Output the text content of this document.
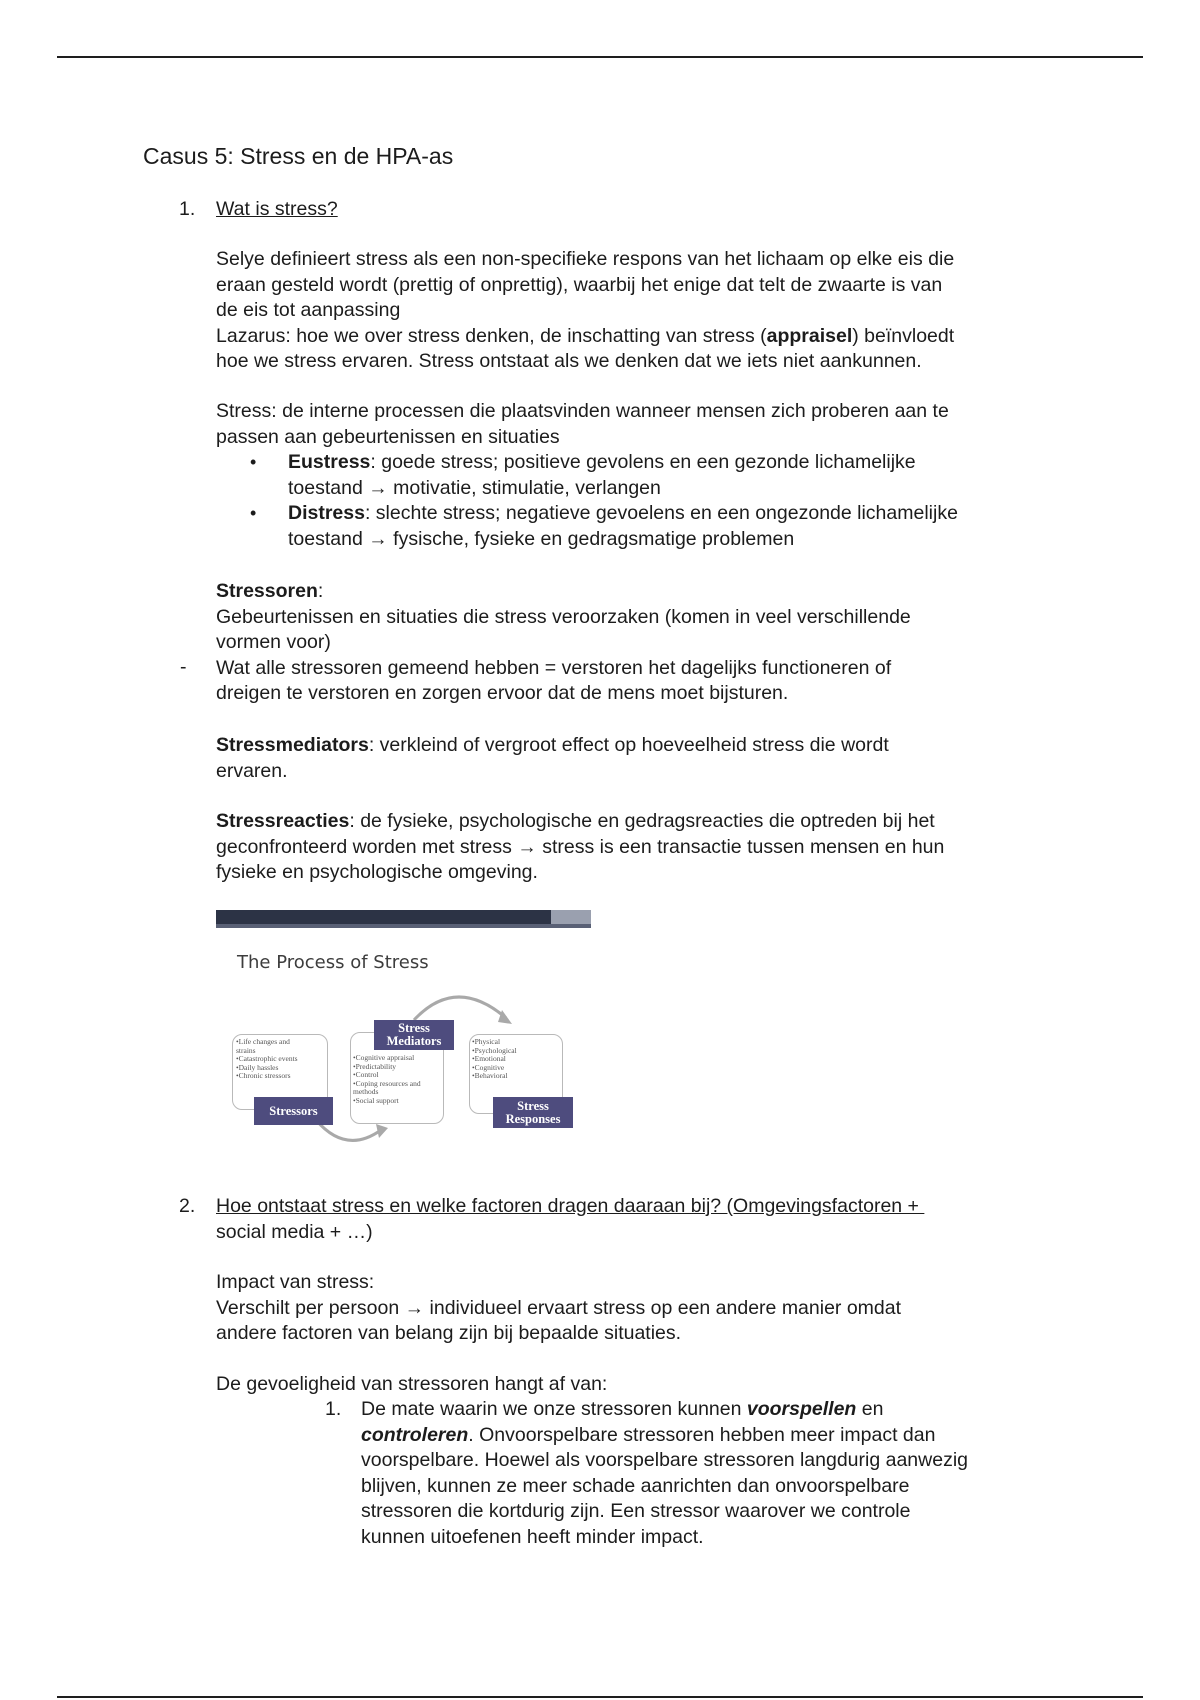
Casus 5: Stress en de HPA-as
1. Wat is stress?
Selye definieert stress als een non-specifieke respons van het lichaam op elke eis die
eraan gesteld wordt (prettig of onprettig), waarbij het enige dat telt de zwaarte is van
de eis tot aanpassing
Lazarus: hoe we over stress denken, de inschatting van stress (appraisel) beïnvloedt
hoe we stress ervaren. Stress ontstaat als we denken dat we iets niet aankunnen.
Stress: de interne processen die plaatsvinden wanneer mensen zich proberen aan te
passen aan gebeurtenissen en situaties
• Eustress: goede stress; positieve gevolens en een gezonde lichamelijke
toestand → motivatie, stimulatie, verlangen
• Distress: slechte stress; negatieve gevoelens en een ongezonde lichamelijke
toestand → fysische, fysieke en gedragsmatige problemen
Stressoren:
Gebeurtenissen en situaties die stress veroorzaken (komen in veel verschillende
vormen voor)
Wat alle stressoren gemeend hebben = verstoren het dagelijks functioneren of
dreigen te verstoren en zorgen ervoor dat de mens moet bijsturen.
-
Stressmediators: verkleind of vergroot effect op hoeveelheid stress die wordt
ervaren.
Stressreacties: de fysieke, psychologische en gedragsreacties die optreden bij het
geconfronteerd worden met stress → stress is een transactie tussen mensen en hun
fysieke en psychologische omgeving.
The Process of Stress
•Life changes and
strains
•Catastrophic events
•Daily hassles
•Chronic stressors
Stressors
•Cognitive appraisal
•Predictability
•Control
•Coping resources and
methods
•Social support
Stress
Mediators	•Physical
•Psychological
•Emotional
•Cognitive
•Behavioral
Stress
Responses
2. Hoe ontstaat stress en welke factoren dragen daaraan bij? (Omgevingsfactoren +
social media + …)
Impact van stress:
Verschilt per persoon → individueel ervaart stress op een andere manier omdat
andere factoren van belang zijn bij bepaalde situaties.
De gevoeligheid van stressoren hangt af van:
1. De mate waarin we onze stressoren kunnen voorspellen en
controleren. Onvoorspelbare stressoren hebben meer impact dan
voorspelbare. Hoewel als voorspelbare stressoren langdurig aanwezig
blijven, kunnen ze meer schade aanrichten dan onvoorspelbare
stressoren die kortdurig zijn. Een stressor waarover we controle
kunnen uitoefenen heeft minder impact.
